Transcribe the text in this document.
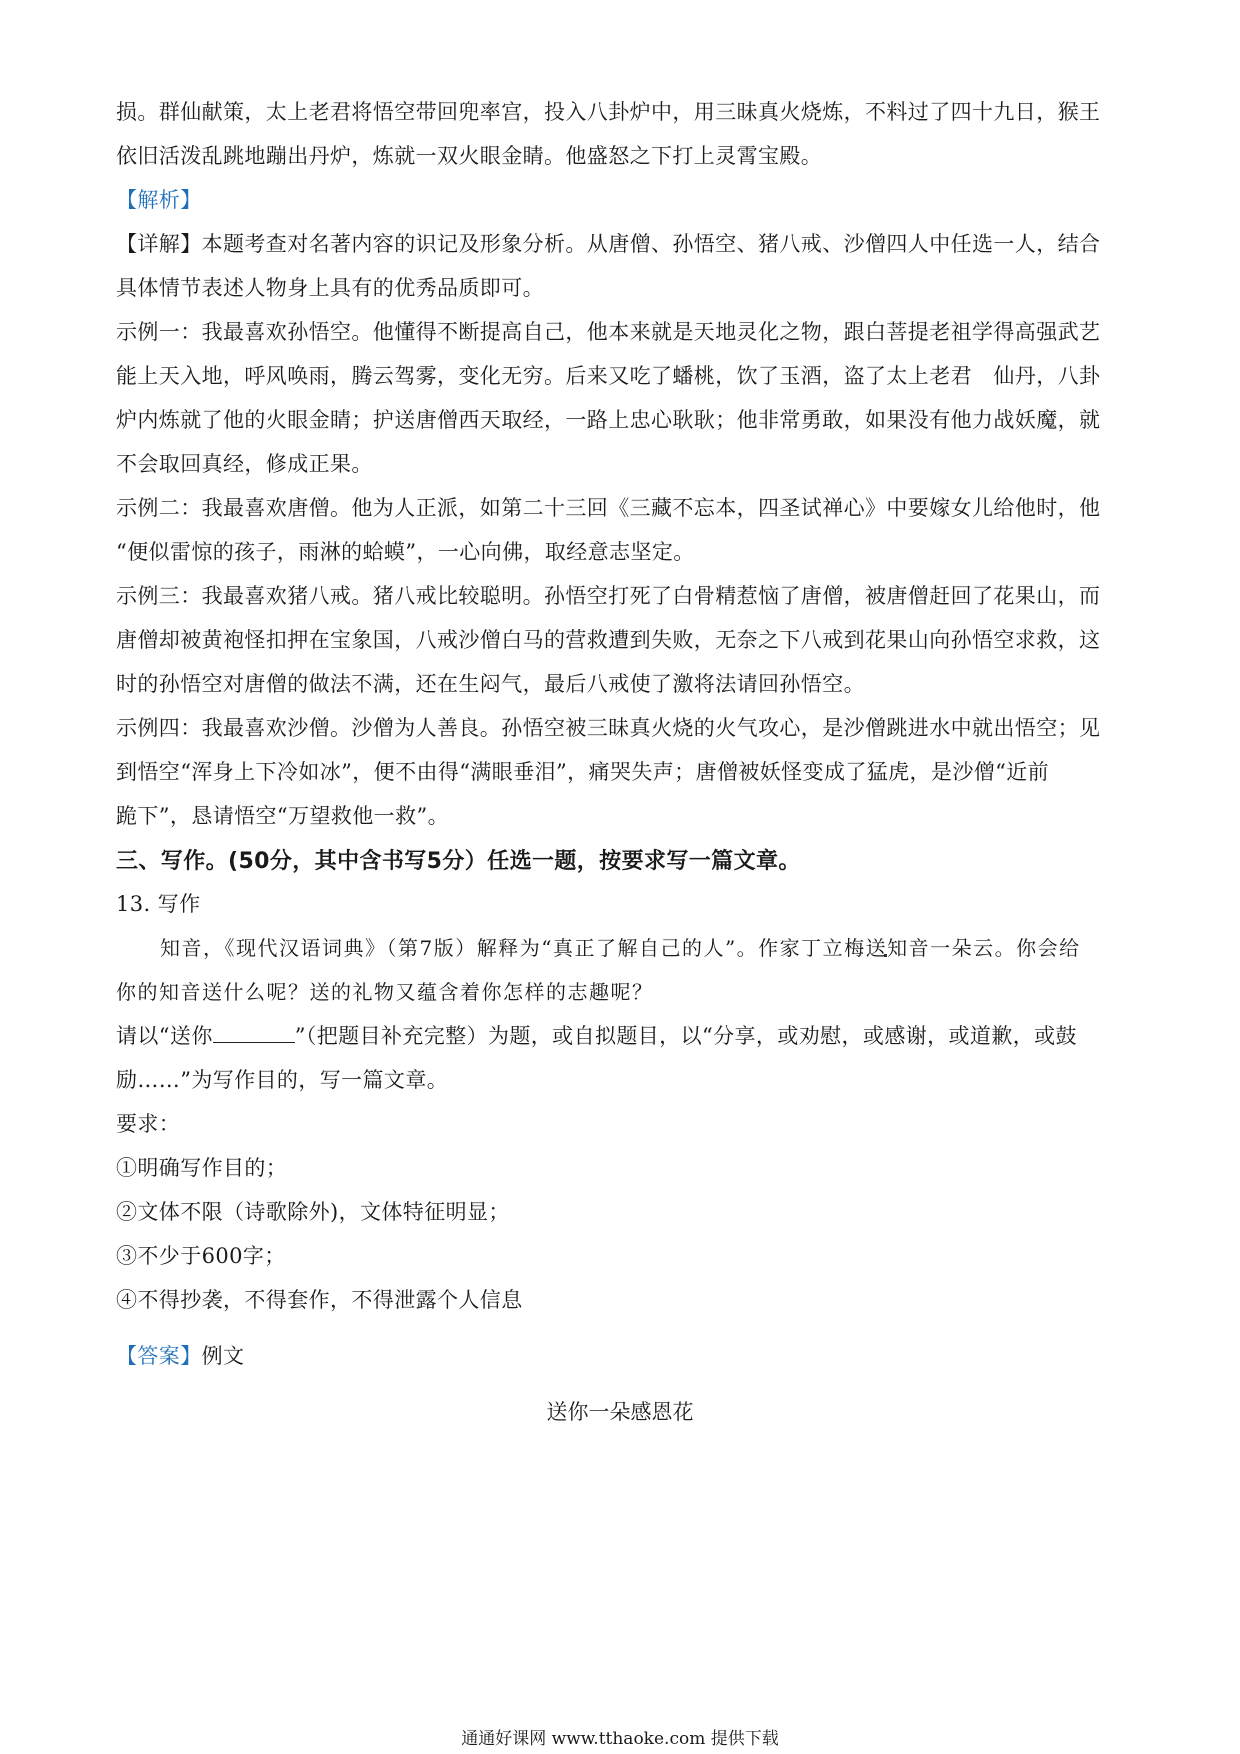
损。群仙献策，太上老君将悟空带回兜率宫，投入八卦炉中，用三昧真火烧炼，不料过了四十九日，猴王
依旧活泼乱跳地蹦出丹炉，炼就一双火眼金睛。他盛怒之下打上灵霄宝殿。
【解析】
【详解】本题考查对名著内容的识记及形象分析。从唐僧、孙悟空、猪八戒、沙僧四人中任选一人，结合
具体情节表述人物身上具有的优秀品质即可。
示例一：我最喜欢孙悟空。他懂得不断提高自己，他本来就是天地灵化之物，跟白菩提老祖学得高强武艺
能上天入地，呼风唤雨，腾云驾雾，变化无穷。后来又吃了蟠桃，饮了玉酒，盗了太上老君　仙丹，八卦
炉内炼就了他的火眼金睛；护送唐僧西天取经，一路上忠心耿耿；他非常勇敢，如果没有他力战妖魔，就
不会取回真经，修成正果。
示例二：我最喜欢唐僧。他为人正派，如第二十三回《三藏不忘本，四圣试禅心》中要嫁女儿给他时，他
“便似雷惊的孩子，雨淋的蛤蟆”，一心向佛，取经意志坚定。
示例三：我最喜欢猪八戒。猪八戒比较聪明。孙悟空打死了白骨精惹恼了唐僧，被唐僧赶回了花果山，而
唐僧却被黄袍怪扣押在宝象国，八戒沙僧白马的营救遭到失败，无奈之下八戒到花果山向孙悟空求救，这
时的孙悟空对唐僧的做法不满，还在生闷气，最后八戒使了激将法请回孙悟空。
示例四：我最喜欢沙僧。沙僧为人善良。孙悟空被三昧真火烧的火气攻心，是沙僧跳进水中就出悟空；见
到悟空“浑身上下冷如冰”，便不由得“满眼垂泪”，痛哭失声；唐僧被妖怪变成了猛虎，是沙僧“近前
跪下”，恳请悟空“万望救他一救”。
三、写作。(50分，其中含书写5分）任选一题，按要求写一篇文章。
13. 写作
知音，《现代汉语词典》（第7版）解释为“真正了解自己的人”。作家丁立梅送知音一朵云。你会给
你的知音送什么呢？送的礼物又蕴含着你怎样的志趣呢？
请以“送你	”（把题目补充完整）为题，或自拟题目，以“分享，或劝慰，或感谢，或道歉，或鼓
励……”为写作目的，写一篇文章。
要求：
①明确写作目的；
②文体不限（诗歌除外)，文体特征明显；
③不少于600字；
④不得抄袭，不得套作，不得泄露个人信息
【答案】例文
送你一朵感恩花
通通好课网 www.tthaoke.com 提供下载
